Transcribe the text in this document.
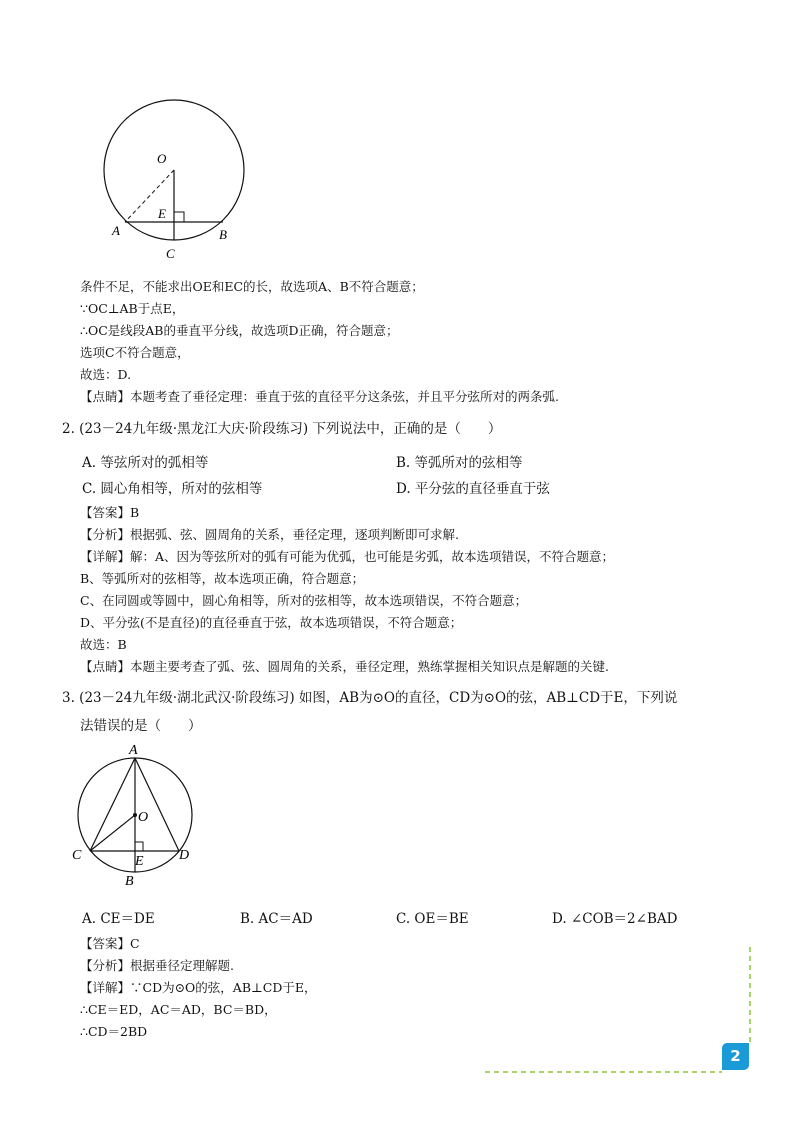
O
E
A	B
C
条件不足，不能求出OE和EC的长，故选项A、B不符合题意；
∵OC⊥AB于点E，
∴OC是线段AB的垂直平分线，故选项D正确，符合题意；
选项C不符合题意，
故选：D.
【点睛】本题考查了垂径定理：垂直于弦的直径平分这条弦，并且平分弦所对的两条弧.
2. (23－24九年级·黑龙江大庆·阶段练习) 下列说法中，正确的是（　　）
A. 等弦所对的弧相等	B. 等弧所对的弦相等
C. 圆心角相等，所对的弦相等	D. 平分弦的直径垂直于弦
【答案】B
【分析】根据弧、弦、圆周角的关系，垂径定理，逐项判断即可求解.
【详解】解：A、因为等弦所对的弧有可能为优弧，也可能是劣弧，故本选项错误，不符合题意；
B、等弧所对的弦相等，故本选项正确，符合题意；
C、在同圆或等圆中，圆心角相等，所对的弦相等，故本选项错误，不符合题意；
D、平分弦(不是直径)的直径垂直于弦，故本选项错误，不符合题意；
故选：B
【点睛】本题主要考查了弧、弦、圆周角的关系，垂径定理，熟练掌握相关知识点是解题的关键.
3. (23－24九年级·湖北武汉·阶段练习) 如图，AB为⊙O的直径，CD为⊙O的弦，AB⊥CD于E，下列说
法错误的是（　　）
A
O
C	E	D
B
A. CE＝DE	B. AC＝AD	C. OE＝BE	D. ∠COB＝2∠BAD
【答案】C
【分析】根据垂径定理解题.
【详解】∵CD为⊙O的弦，AB⊥CD于E，
∴CE＝ED，AC＝AD，BC＝BD，
∴CD＝2BD
2
